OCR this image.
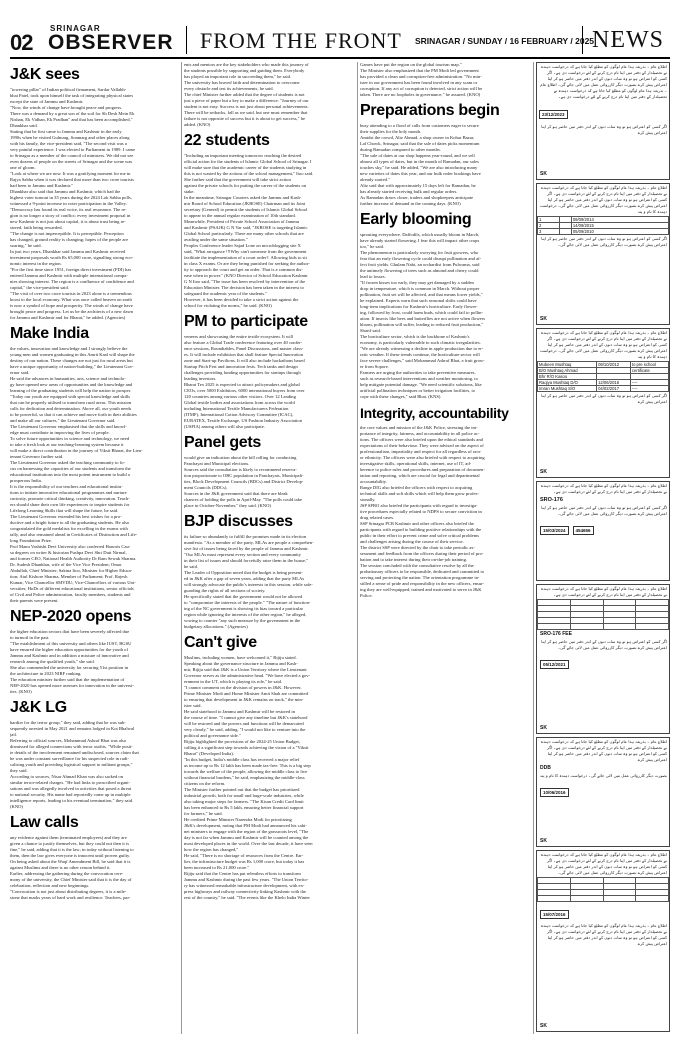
02
SRINAGAR
OBSERVER FROM THE FRONT SRINAGAR / SUNDAY / 16 FEBRUARY / 2025
NEWS
J&K sees
"towering pillar" of Indian political firmament, Sardar Vallabh-
bhai Patel, took upon himself the task of integrating physical states
except the state of Jammu and Kashmir.
"Now, the winds of change have brought peace and progress.
There was a demand by a great son of the soil for Sh Desh Mein Ek
Nishan, Ek Vidhan, Ek Pradhan" and that has been accomplished,"
Dhankhar said.
Stating that he first came to Jammu and Kashmir in the early
1990s when he visited Gulmarg, Sonmarg and other places along
with his family, the vice-president said, "The second visit was a
very painful experience. I was elected to Parliament in 1989. I came
to Srinagar as a member of the council of ministers. We did not see
even dozens of people on the streets of Srinagar and the scene was
one of gloom.
"Look at where we are now. It was a gratifying moment for me in
Rajya Sabha when it was declared that more than two crore tourists
had been to Jammu and Kashmir."
Dhankhar also said that Jammu and Kashmir, which had the
highest voter turnout in 35 years during the 2024 Lok Sabha polls,
witnessed a 9-point increase in voter participation in the Valley.
"Democracy has found its real voice, its real resonance. The re-
gion is no longer a story of conflict; every investment proposal in
new Kashmir is not just about capital, it is about trust being re-
stored, faith being rewarded.
"The change is not imperceptible. It is perceptible. Perception
has changed, ground reality is changing; hopes of the people are
soaring," he said.
In just two years, Dhankhar said Jammu and Kashmir received
investment proposals worth Rs 65,000 crore, signalling strong eco-
nomic interest in the region.
"For the first time since 1951, foreign direct investment (FDI) has
entered Jammu and Kashmir with multiple international compa-
nies showing interest. The region is a confluence of confidence and
capital," the vice-president said.
"The visit of over two crore tourists in 2023 alone is a tremendous
boost to the local economy. What was once called heaven on earth
is now a symbol of hope and prosperity. The winds of change have
brought peace and progress. Let us be the architects of a new dawn
for Jammu and Kashmir and for Bharat," he added. (Agencies)
Make India
the values, innovation and knowledge and I strongly believe the
young men and women graduating in this Amrit Kaal will shape the
destiny of our nation. These changes are not just for rural areas but
have a unique opportunity of nation-building," the Lieutenant Gov-
ernor said.
He said the advances in humanities, arts, science and technolo-
gy have opened new areas of opportunities and the knowledge and
learning of the graduating students will help the nation to prosper.
"Today our youth are equipped with special knowledge and skills
that can be properly utilised to transform rural areas. This mission
calls for dedication and determination. Above all, our youth needs
to be powerful, so that it can achieve and move forth in their abilities
and make all our cultures," the Lieutenant Governor said.
The Lieutenant Governor emphasised that the skills and knowl-
edge must contribute in improving the lives of people.
To solve future opportunities in science and technology, we need
to take a fresh look at our teaching-learning system because it
will make a direct contribution in the journey of Viksit Bharat, the Lieu-
tenant Governor further said.
The Lieutenant Governor asked the teaching community to fo-
cus on harnessing the capacities of our students and transform the
educational institutions into the most potent instrument to build a
prosperous India.
It is the responsibility of our teachers and educational institu-
tions to initiate innovative educational programmes and nurture
curiosity, promote critical thinking, creativity, innovation. Teach-
ers should share their own life experiences to inspire students for
Lifelong Learning Skills that will shape the future, he said.
The Lieutenant Governor extended his best wishes for a pro-
ductive and a bright future to all the graduating students. He also
congratulated the gold medalists for excelling in the exams with
tally, and also remained ahead in Certificates of Distinction and Life-
long Foundation Prize.
Prof Manu Vashisht Devt University also conferred Honoris Cau-
sa degrees on writer & historian Pushpa Devi Shri Dutt Nirmal,
and former CEO, National Health Authority Dr Ram Sewak Sharma.
Dr. Sudesh Dhankhar, wife of the Vice Vice President; Omar
Abdullah, Chief Minister; Sakina Itoo, Minister for Higher Educa-
tion; Atul Kishore Sharma, Member of Parliament; Prof. Rajesh
Kumar, Vice Chancellor SMVDU; Vice-Chancellors of various Uni-
versities; HoDs of different educational institutions, senior officials
of Civil and Police administration, faculty members, students and
their parents were present.
NEP-2020 opens
the higher education sectors that have been severely affected due
to turmoil in the past.
"The establishment of this university and others like IUST, BGSU
have ensured the higher education opportunities for the youth of
Jammu and Kashmir and in addition a mixture of innovative and
research among the qualified youth," she said.
She also commended the university for securing 51st position in
the architecture in 2023 NIRF ranking.
The education minister further said that the implementation of
NEP-2020 has opened more avenues for innovation in the universi-
ties. (KNO)
J&K LG
hardier for the terror group," they said, adding that he was sub-
sequently arrested in May 2021 and remains lodged in Kot Bhalwal
jail.
Referring to official sources, Mohammad Ashraf Bhat was also
dismissed for alleged connections with terror outfits. "While posit-
ie details of the involvement remained undisclosed, sources claim that
he was under constant surveillance for his suspected role in radi-
calising youth and providing logistical support to militant groups,"
they said.
According to sources, Nisar Ahmad Khan was also sacked on
similar terror-related charges. "He had links to proscribed organi-
sations and was allegedly involved in activities that posed a threat
to national security. His name had reportedly come up in multiple
intelligence reports, leading to his eventual termination," they said.
(KNO)
Law calls
any evidence against them (terminated employees) and they are
given a chance to justify themselves, but they could not then it is
fine," he said, adding that it is the law; in today without listening to
them, then the law gives everyone is innocent until proven guilty.
On being asked about the Waqf Amendment Bill, he said that it is
against Muslims and there is no other reason behind it.
Earlier, addressing the gathering during the convocation cere-
mony of the university, the Chief Minister said that it is the day of
celebration, reflection and new beginnings.
"Convocation is not just about distributing degrees, it is a mile-
stone that marks years of hard work and resilience. Teachers, par-
ents and mentors are the key stakeholders who made this journey of
the students possible by supporting and guiding them. Everybody
has played an important role in succeeding them," he said.
The university has braved faith and determination to overcome
every obstacle and test its achievements, he said.
The chief Minister further added that the degree of students is not
just a piece of paper but a key to make a difference. "Journey of our
student is not easy. Success is not just about personal achievements.
There will be setbacks, fall as we said, but one must remember that
failure is not opposite of success but it is about to get success," he
added. (KNO)
22 students
"Including an important meeting tomorrow reaching the desired
official action for the students of Islamic Global School of Srinagar. I
will make sure that the academic career of the students studying in
this is not wasted by the actions of the school management," Itoo said.
She further said that the government will take strict action
against the private schools for putting the career of the students on
stake.
In the meantime, Srinagar Couriers asked the Jammu and Kash-
mir Board of School Education (JKBOSE) Chairman and its Joint
secretary (General) to permit the students of Islamic Global School
to appear in the annual regular examination of 10th standard.
Meanwhile, President of Private School Association of Jammu
and Kashmir (PSAJK) G N Var said, "JKBOSE is targeting Islamic
Global School particularly. There are many other schools that are
availing under the same situation."
Peoples Conference leader Sajad Lone on microblogging site X
said, "What arrogance !!!Why can't someone from the government
facilitate the implementation of a court order?. Allowing kids to sit
in class X exams. Or are they being punished for seeking the author-
ity to approach the court and get an order. That is a common dis-
ease when in power." (KNO Director of School Education Kashmir
G N Itoo said, "The issue has been resolved by intervention of the
Education Minister. The decision has been taken in the interest to
safeguard the academic year of the students."
However, it has been decided to take a strict action against the
school for violating the norms," he said. (KNO)
PM to participate
veneers and showcasing the entire textile ecosystem. It will
also feature a Global Trade conference featuring over 40 confer-
ence sessions, Roundtables, Panel Discussions, and master class-
es. It will include exhibition that shall feature Special Innovation
zone and Start-up Pavilions. It will also include hackathons based
Startup Pitch Fest and innovation fests. Tech tanks and design
challenges providing funding opportunities for startups through
leading investors.
Bharat Tex 2025 is expected to attract policymakers and global
CEOs, over 5000 Exhibitors, 6000 international buyers from over
120 countries among various other visitors. Over 12 Leading
Global textile bodies and associations from across the world
including International Textile Manufacturers Federation
(ITMF), International Cotton Advisory Committee (ICAC),
EURATEX, Textile Exchange, US Fashion Industry Association
(USFIA) among others will also participate.
Panel gets
would give an indication about the bill rolling for conducting
Panchayat and Municipal elections.
Sources said the consultation is likely to recommend reserva-
tion proportionate to OBC population in Panchayats, Municipali-
ties, Block Development Councils (BDCs) and District Develop-
ment Councils (DDCs).
Sources in the J&K government said that there are bleak
chances of holding the polls in April-May. "The polls could take
place in October-November," they said. (KNO)
BJP discusses
its failure so abundantly to fulfill the promises made in its election
manifesto. "As a member of the party, MLAs are people a comprehen-
sive list of issues being faced by the people of Jammu and Kashmir.
"Our MLAs must represent every section and every community
in their list of issues and should forcefully raise them in the house,"
he said.
The Leader of Opposition noted that the budget is being present-
ed in J&K after a gap of seven years, adding that the party MLAs
will strongly advocate the public's interests in this session, while safe-
guarding the rights of all sections of society.
He specifically stated that the government would not be allowed
to "compromise the interests of the people." "The nature of function-
ing of the NC government is showing its bias toward a particular
region while ignoring the interests of the other region," he alleged,
vowing to counter "any such measure by the government in the
budgetary allocations." (Agencies)
Can't give
Muslims, including women, have welcomed it," Rijiju stated.
Speaking about the governance structure in Jammu and Kash-
mir, Rijiju said that J&K is a Union Territory where the Lieutenant
Governor serves as the administrative head. "We have elected a gov-
ernment in the UT, which is playing its role," he said.
"I cannot comment on the division of powers in J&K. However,
Prime Minister Modi and Home Minister Amit Shah are committed
to ensuring that development in J&K remains on track," the min-
ister said.
He said statehood to Jammu and Kashmir will be restored in
the course of time. "I cannot give any timeline but J&K's statehood
will be restored and the powers and functions will be demarcated
very clearly," he said, adding, "I would not like to venture into the
political and governance side."
Rijiju highlighted the provisions of the 2024-25 Union Budget,
calling it a significant step towards achieving the vision of a "Viksit
Bharat" (Developed India).
"In this budget, India's middle class has received a major relief
as income up to Rs 12 lakh has been made tax-free. This is a big step
towards the welfare of the people, allowing the middle class to live
without financial burdens," he said, emphasizing the middle-class
citizens on the reform.
The Minister further pointed out that the budget has prioritized
industrial growth, both for small and large-scale industries, while
also taking major steps for farmers. "The Kisan Credit Card limit
has been enhanced to Rs 5 lakh, ensuring better financial support
for farmers," he said.
He credited Prime Minister Narendra Modi for prioritizing
J&K's development, noting that PM Modi had announced his cabi-
net ministers to engage with the region of the grassroots level, "The
day is not far when Jammu and Kashmir will be counted among the
most developed places in the world. Over the last decade, it have seen
how the region has changed,"
He said, "There is no shortage of resources from the Centre. Ear-
lier, the infrastructure budget was Rs 1,000 crore, but today it has
been increased to Rs 21,000 crore."
Rijiju said that the Centre has put relentless efforts to transform
Jammu and Kashmir during the past few years. "The Union Territo-
ry has witnessed remarkable infrastructure development, with ex-
press highways and railway connectivity linking Kashmir with the
rest of the country," he said. "The events like the Khelo India Winter
Games have put the region on the global tourism map."
The Minister also emphasized that the PM Modi led government
has provided a clean and corruption-free administration. "No min-
ister in our government has been found involved in any scam or
corruption. If any act of corruption is detected, strict action will be
taken. There are no loopholes in governance," he assured. (KNO)
Preparations begin
busy attending to a flood of calls from customers eager to secure
their supplies for the holy month.
Amidst the crowd, Aliz Ahmad, a shop owner in Kohar Bazar,
Lal Chowk, Srinagar, said that the sale of dates picks momentum
during Ramadan compared to other months.
"The sale of dates at our shop happens year-round, and we sell
almost all types of dates, but in the month of Ramadan, our sales
touches sky," he said. He added, "We are also introducing many
new varieties of dates this year, and our bulk order bookings have
already started."
Aliz said that with approximately 15 days left for Ramadan, he
has already started receiving bulk and regular orders.
As Ramadan draws closer, traders and shopkeepers anticipate
further increase of demand in the coming days. (KNO)
Early blooming
sprouting everywhere. Daffodils, which usually bloom in March,
have already started flowering. I fear this will impact other crops
too," he said.
The phenomenon is particularly worrying for fruit growers, who
fear that an early flowering cycle could disrupt pollination and af-
fect fruit yields. Ghulam Nabi, an orchardist from Pulwama, said
the untimely flowering of trees such as almond and cherry could
lead to losses.
"If frozen kisses too early, they may get damaged by a sudden
drop in temperature, which is common in March. Without proper
pollination, fruit set will be affected, and that means lower yields,"
he explained. Experts warn that such seasonal shifts could have
long-term implications for Kashmir's horticulture. Early flower-
ing, followed by frost, could harm buds, which could fail to pollin-
ation. If insects like bees and butterflies are not active when flowers
bloom, pollination will suffer, leading to reduced fruit production,"
Sharif said.
The horticulture sector, which is the backbone of Kashmir's
economy, is particularly vulnerable to such climatic irregularities.
"We are already witnessing a decline in apple production due to er-
ratic weather. If these trends continue, the horticulture sector will
face severe challenges," said Mohammad Ashraf Bhat, a fruit grow-
er from Sopore.
Farmers are urging the authorities to take preventive measures,
such as research-based interventions and weather monitoring, to
help mitigate potential damage. "We need scientific solutions, like
artificial pollination techniques or better irrigation facilities, to
cope with these changes," said Bhat. (KNS)
Integrity, accountability
the core values and mission of the J&K Police, stressing the im-
portance of integrity, fairness, and accountability in all police ac-
tions. The officers were also briefed upon the ethical standards and
expectations of their behaviour. They were advised on the aspect of
professionalism, impartiality and respect for all regardless of race
or ethnicity. The officers were also briefed with respect to acquiring
investigative skills, operational skills, internet, use of IT, ad-
herence to police rules and procedures and preparation of documen-
tation and reporting, which are crucial for legal and departmental
accountability.
Range DIG also briefed the officers with respect to acquiring
technical skills and soft skills which will help them grow profes-
sionally.
JSP SPRO also briefed the participants with regard to investiga-
tive procedures especially related to NDPS to secure conviction in
drug related cases.
SSP Srinagar PCR Kashmir and other officers also briefed the
participants with regard to building positive relationships with the
public in their effort to prevent crime and solve critical problems
and challenges arising during the course of their service.
The district SSP were directed by the chair to take periodic as-
sessment and feedback from the officers during their period of pro-
bation and to take interest during their on-the-job training.
The session concluded with the consultative resolve by all the
probationary officers to be responsible, dedicated and committed to
serving and protecting the nation. The orientation programme in-
stilled a sense of pride and responsibility in the new officers, ensur-
ing they are well-equipped, trained and motivated to serve in J&K
Police.
اطلاع عام ۔ بذریعہ ہذا عام لوگوں کو مطلع کیا جاتا ہے کہ درخواست دہندہ نے تحصیلدار کے دفتر میں اپنا نام درج کرنے کے لئے درخواست دی ہے۔ اگر کسی کو اعتراض ہو تو وہ سات دنوں کے اندر دفتر میں حاضر ہو کر اپنا اعتراض پیش کرے بصورت دیگر کارروائی عمل میں لائی جائے گی۔ اطلاع عام ۔ بذریعہ ہذا عام لوگوں کو مطلع کیا جاتا ہے کہ درخواست دہندہ نے تحصیلدار کے دفتر میں اپنا نام درج کرنے کے لئے درخواست دی ہے۔
23/12/2023
اگر کسی کو اعتراض ہو تو وہ سات دنوں کے اندر دفتر میں حاضر ہو کر اپنا اعتراض پیش کرے
SK
اطلاع عام ۔ بذریعہ ہذا عام لوگوں کو مطلع کیا جاتا ہے کہ درخواست دہندہ نے تحصیلدار کے دفتر میں اپنا نام درج کرنے کے لئے درخواست دی ہے۔ اگر کسی کو اعتراض ہو تو وہ سات دنوں کے اندر دفتر میں حاضر ہو کر اپنا اعتراض پیش کرے بصورت دیگر کارروائی عمل میں لائی جائے گی۔ درخواست دہندہ کا نام و پتہ
1		09/09/2014
2		14/09/2015
3		05/09/2010
اگر کسی کو اعتراض ہو تو وہ سات دنوں کے اندر دفتر میں حاضر ہو کر اپنا اعتراض پیش کرے بصورت دیگر کارروائی عمل میں لائی جائے گی۔
SK
اطلاع عام ۔ بذریعہ ہذا عام لوگوں کو مطلع کیا جاتا ہے کہ درخواست دہندہ نے تحصیلدار کے دفتر میں اپنا نام درج کرنے کے لئے درخواست دی ہے۔ اگر کسی کو اعتراض ہو تو وہ سات دنوں کے اندر دفتر میں حاضر ہو کر اپنا اعتراض پیش کرے بصورت دیگر کارروائی عمل میں لائی جائے گی۔ درخواست دہندہ کا نام و پتہ
Mubeen Mushtaq	09/10/2012	to pre school
B/O Mushtaq Ahmad		certificate
Bhr R/O Kasoo		
Raqiya Mushtaq D/O	12/06/2016	----
Imran Mushtaq S/O	04/02/2017	----
اگر کسی کو اعتراض ہو تو وہ سات دنوں کے اندر دفتر میں حاضر ہو کر اپنا اعتراض پیش کرے
SK
اطلاع عام ۔ بذریعہ ہذا عام لوگوں کو مطلع کیا جاتا ہے کہ درخواست دہندہ نے تحصیلدار کے دفتر میں اپنا نام درج کرنے کے لئے درخواست دی ہے۔
SRO-176
اگر کسی کو اعتراض ہو تو وہ سات دنوں کے اندر دفتر میں حاضر ہو کر اپنا اعتراض پیش کرے بصورت دیگر کارروائی عمل میں لائی جائے گی۔
15/03/2024 454656
اطلاع عام ۔ بذریعہ ہذا عام لوگوں کو مطلع کیا جاتا ہے کہ درخواست دہندہ نے تحصیلدار کے دفتر میں اپنا نام درج کرنے کے لئے درخواست دی ہے۔

SRO-176 FEE
اگر کسی کو اعتراض ہو تو وہ سات دنوں کے اندر دفتر میں حاضر ہو کر اپنا اعتراض پیش کرے بصورت دیگر کارروائی عمل میں لائی جائے گی۔
05/12/2021
SK
اطلاع عام ۔ بذریعہ ہذا عام لوگوں کو مطلع کیا جاتا ہے کہ درخواست دہندہ نے تحصیلدار کے دفتر میں اپنا نام درج کرنے کے لئے درخواست دی ہے۔ اگر کسی کو اعتراض ہو تو وہ سات دنوں کے اندر دفتر میں حاضر ہو کر اپنا اعتراض پیش کرے
DDB
بصورت دیگر کارروائی عمل میں لائی جائے گی۔ درخواست دہندہ کا نام و پتہ
10/06/2016
SK
اطلاع عام ۔ بذریعہ ہذا عام لوگوں کو مطلع کیا جاتا ہے کہ درخواست دہندہ نے تحصیلدار کے دفتر میں اپنا نام درج کرنے کے لئے درخواست دی ہے۔ اگر کسی کو اعتراض ہو تو وہ سات دنوں کے اندر دفتر میں حاضر ہو کر اپنا اعتراض پیش کرے بصورت دیگر کارروائی عمل میں لائی جائے گی۔

15/07/2016
اطلاع عام ۔ بذریعہ ہذا عام لوگوں کو مطلع کیا جاتا ہے کہ درخواست دہندہ نے تحصیلدار کے دفتر میں اپنا نام درج کرنے کے لئے درخواست دی ہے۔ اگر کسی کو اعتراض ہو تو وہ سات دنوں کے اندر دفتر میں حاضر ہو کر اپنا اعتراض پیش کرے
SK
